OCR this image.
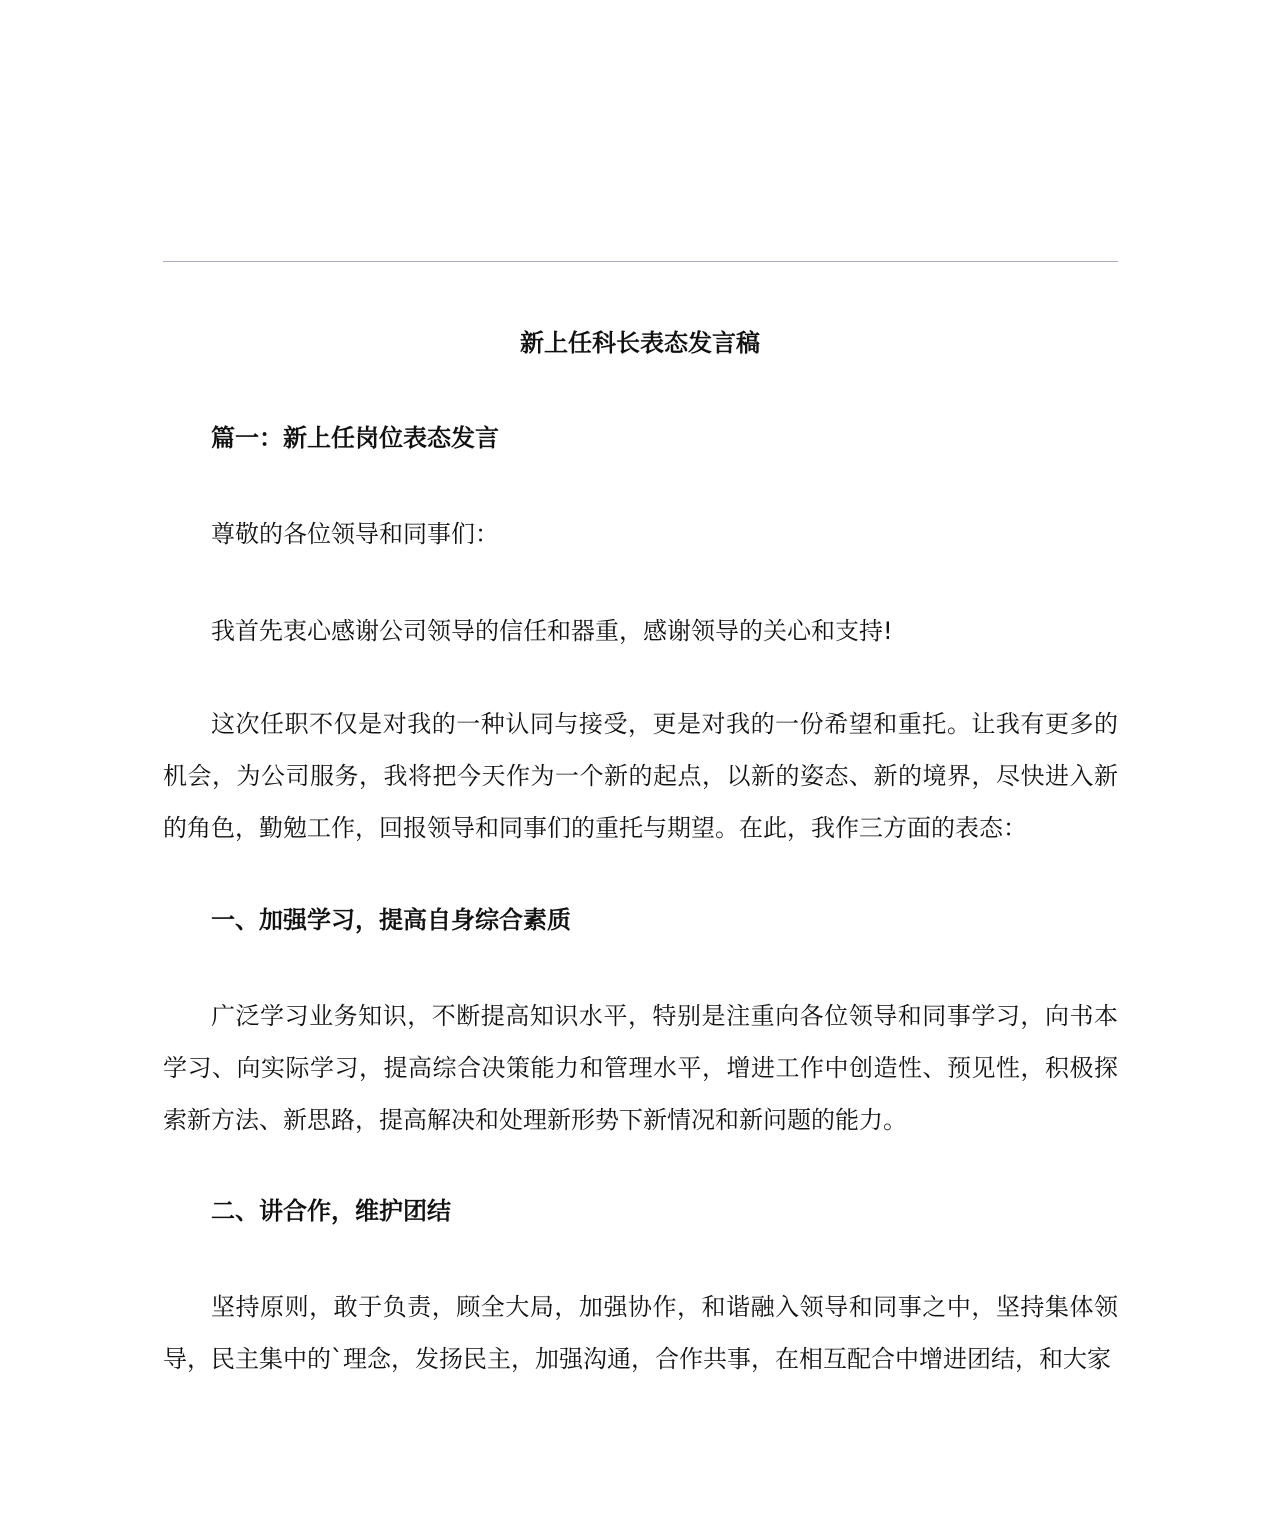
新上任科长表态发言稿

篇一：新上任岗位表态发言

尊敬的各位领导和同事们：

我首先衷心感谢公司领导的信任和器重，感谢领导的关心和支持!

这次任职不仅是对我的一种认同与接受，更是对我的一份希望和重托。让我有更多的机会，为公司服务，我将把今天作为一个新的起点，以新的姿态、新的境界，尽快进入新的角色，勤勉工作，回报领导和同事们的重托与期望。在此，我作三方面的表态：

一、加强学习，提高自身综合素质

广泛学习业务知识，不断提高知识水平，特别是注重向各位领导和同事学习，向书本学习、向实际学习，提高综合决策能力和管理水平，增进工作中创造性、预见性，积极探索新方法、新思路，提高解决和处理新形势下新情况和新问题的能力。

二、讲合作，维护团结

坚持原则，敢于负责，顾全大局，加强协作，和谐融入领导和同事之中，坚持集体领导，民主集中的`理念，发扬民主，加强沟通，合作共事，在相互配合中增进团结，和大家
